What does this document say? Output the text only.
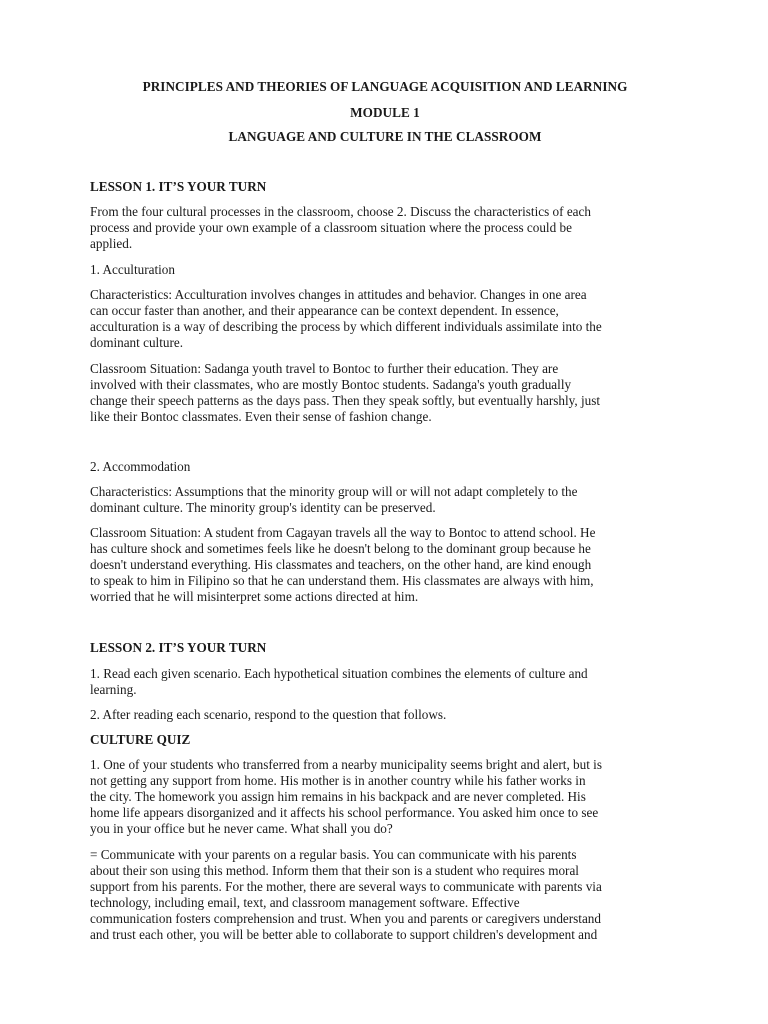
PRINCIPLES AND THEORIES OF LANGUAGE ACQUISITION AND LEARNING
MODULE 1
LANGUAGE AND CULTURE IN THE CLASSROOM
LESSON 1. IT’S YOUR TURN

From the four cultural processes in the classroom, choose 2. Discuss the characteristics of each
process and provide your own example of a classroom situation where the process could be
applied.

1. Acculturation

Characteristics: Acculturation involves changes in attitudes and behavior. Changes in one area
can occur faster than another, and their appearance can be context dependent. In essence,
acculturation is a way of describing the process by which different individuals assimilate into the
dominant culture.

Classroom Situation: Sadanga youth travel to Bontoc to further their education. They are
involved with their classmates, who are mostly Bontoc students. Sadanga's youth gradually
change their speech patterns as the days pass. Then they speak softly, but eventually harshly, just
like their Bontoc classmates. Even their sense of fashion change.

2. Accommodation

Characteristics: Assumptions that the minority group will or will not adapt completely to the
dominant culture. The minority group's identity can be preserved.

Classroom Situation: A student from Cagayan travels all the way to Bontoc to attend school. He
has culture shock and sometimes feels like he doesn't belong to the dominant group because he
doesn't understand everything. His classmates and teachers, on the other hand, are kind enough
to speak to him in Filipino so that he can understand them. His classmates are always with him,
worried that he will misinterpret some actions directed at him.

LESSON 2. IT’S YOUR TURN

1. Read each given scenario. Each hypothetical situation combines the elements of culture and
learning.

2. After reading each scenario, respond to the question that follows.

CULTURE QUIZ

1. One of your students who transferred from a nearby municipality seems bright and alert, but is
not getting any support from home. His mother is in another country while his father works in
the city. The homework you assign him remains in his backpack and are never completed. His
home life appears disorganized and it affects his school performance. You asked him once to see
you in your office but he never came. What shall you do?

= Communicate with your parents on a regular basis. You can communicate with his parents
about their son using this method. Inform them that their son is a student who requires moral
support from his parents. For the mother, there are several ways to communicate with parents via
technology, including email, text, and classroom management software. Effective
communication fosters comprehension and trust. When you and parents or caregivers understand
and trust each other, you will be better able to collaborate to support children's development and
